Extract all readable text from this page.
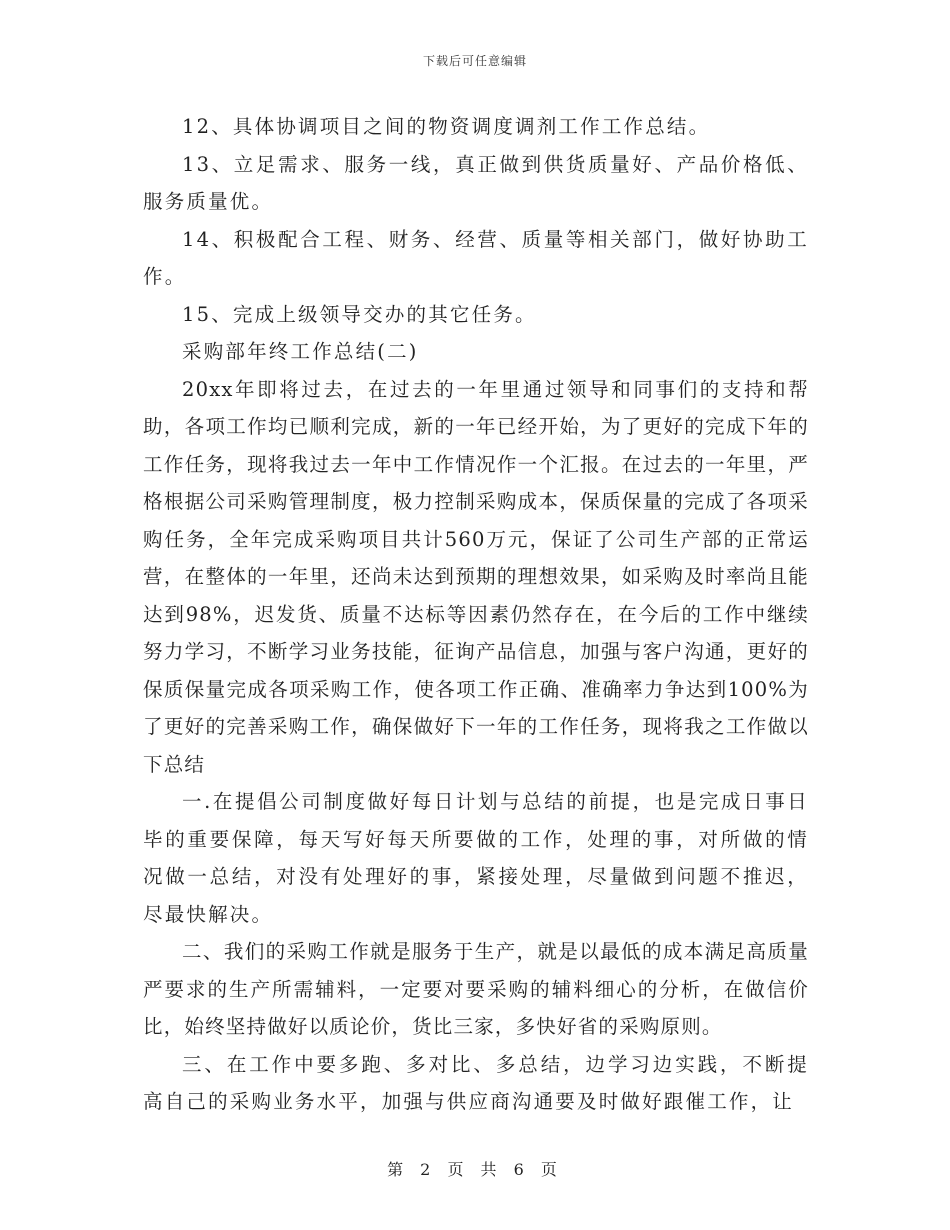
下载后可任意编辑

12、具体协调项目之间的物资调度调剂工作工作总结。

13、立足需求、服务一线，真正做到供货质量好、产品价格低、服务质量优。

14、积极配合工程、财务、经营、质量等相关部门，做好协助工作。

15、完成上级领导交办的其它任务。

采购部年终工作总结(二)

20xx年即将过去，在过去的一年里通过领导和同事们的支持和帮助，各项工作均已顺利完成，新的一年已经开始，为了更好的完成下年的工作任务，现将我过去一年中工作情况作一个汇报。在过去的一年里，严格根据公司采购管理制度，极力控制采购成本，保质保量的完成了各项采购任务，全年完成采购项目共计560万元，保证了公司生产部的正常运营，在整体的一年里，还尚未达到预期的理想效果，如采购及时率尚且能达到98%，迟发货、质量不达标等因素仍然存在，在今后的工作中继续努力学习，不断学习业务技能，征询产品信息，加强与客户沟通，更好的保质保量完成各项采购工作，使各项工作正确、准确率力争达到100%为了更好的完善采购工作，确保做好下一年的工作任务，现将我之工作做以下总结

一.在提倡公司制度做好每日计划与总结的前提，也是完成日事日毕的重要保障，每天写好每天所要做的工作，处理的事，对所做的情况做一总结，对没有处理好的事，紧接处理，尽量做到问题不推迟，尽最快解决。

二、我们的采购工作就是服务于生产，就是以最低的成本满足高质量严要求的生产所需辅料，一定要对要采购的辅料细心的分析，在做信价比，始终坚持做好以质论价，货比三家，多快好省的采购原则。

三、在工作中要多跑、多对比、多总结，边学习边实践，不断提高自己的采购业务水平，加强与供应商沟通要及时做好跟催工作，让

第 2 页 共 6 页
